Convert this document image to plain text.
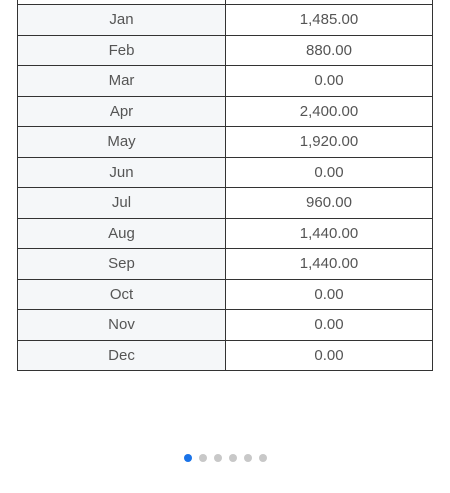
Jan	1,485.00
Feb	880.00
Mar	0.00
Apr	2,400.00
May	1,920.00
Jun	0.00
Jul	960.00
Aug	1,440.00
Sep	1,440.00
Oct	0.00
Nov	0.00
Dec	0.00
